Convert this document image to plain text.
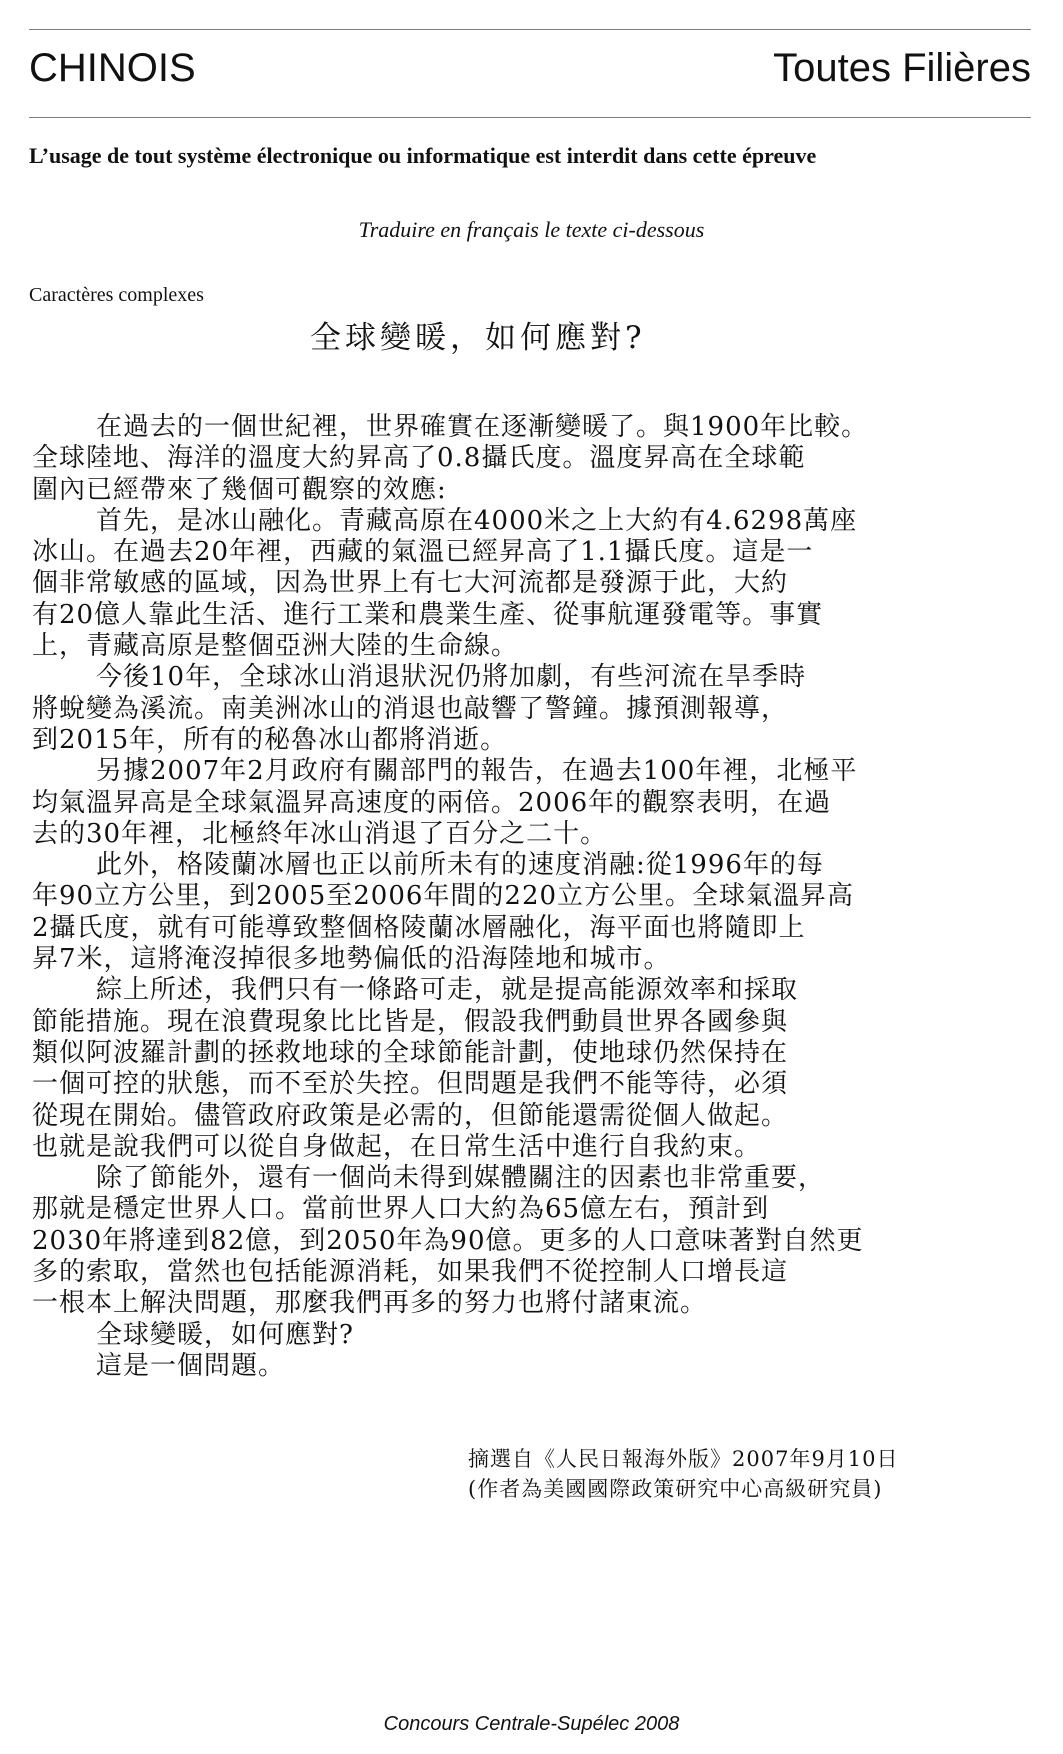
CHINOIS	Toutes Filières
L’usage de tout système électronique ou informatique est interdit dans cette épreuve
Traduire en français le texte ci-dessous
Caractères complexes
全球變暖，如何應對?
在過去的一個世紀裡，世界確實在逐漸變暖了。與1900年比較。
全球陸地、海洋的溫度大約昇高了0.8攝氏度。溫度昇高在全球範
圍內已經帶來了幾個可觀察的效應:
首先，是冰山融化。青藏高原在4000米之上大約有4.6298萬座
冰山。在過去20年裡，西藏的氣溫已經昇高了1.1攝氏度。這是一
個非常敏感的區域，因為世界上有七大河流都是發源于此，大約
有20億人靠此生活、進行工業和農業生產、從事航運發電等。事實
上，青藏高原是整個亞洲大陸的生命線。
今後10年，全球冰山消退狀況仍將加劇，有些河流在旱季時
將蛻變為溪流。南美洲冰山的消退也敲響了警鐘。據預測報導，
到2015年，所有的秘魯冰山都將消逝。
另據2007年2月政府有關部門的報告，在過去100年裡，北極平
均氣溫昇高是全球氣溫昇高速度的兩倍。2006年的觀察表明，在過
去的30年裡，北極終年冰山消退了百分之二十。
此外，格陵蘭冰層也正以前所未有的速度消融:從1996年的每
年90立方公里，到2005至2006年間的220立方公里。全球氣溫昇高
2攝氏度，就有可能導致整個格陵蘭冰層融化，海平面也將隨即上
昇7米，這將淹沒掉很多地勢偏低的沿海陸地和城市。
綜上所述，我們只有一條路可走，就是提高能源效率和採取
節能措施。現在浪費現象比比皆是，假設我們動員世界各國參與
類似阿波羅計劃的拯救地球的全球節能計劃，使地球仍然保持在
一個可控的狀態，而不至於失控。但問題是我們不能等待，必須
從現在開始。儘管政府政策是必需的，但節能還需從個人做起。
也就是說我們可以從自身做起，在日常生活中進行自我約束。
除了節能外，還有一個尚未得到媒體關注的因素也非常重要，
那就是穩定世界人口。當前世界人口大約為65億左右，預計到
2030年將達到82億，到2050年為90億。更多的人口意味著對自然更
多的索取，當然也包括能源消耗，如果我們不從控制人口增長這
一根本上解決問題，那麼我們再多的努力也將付諸東流。
全球變暖，如何應對?
這是一個問題。
摘選自《人民日報海外版》2007年9月10日
(作者為美國國際政策研究中心高級研究員)
Concours Centrale-Supélec 2008
